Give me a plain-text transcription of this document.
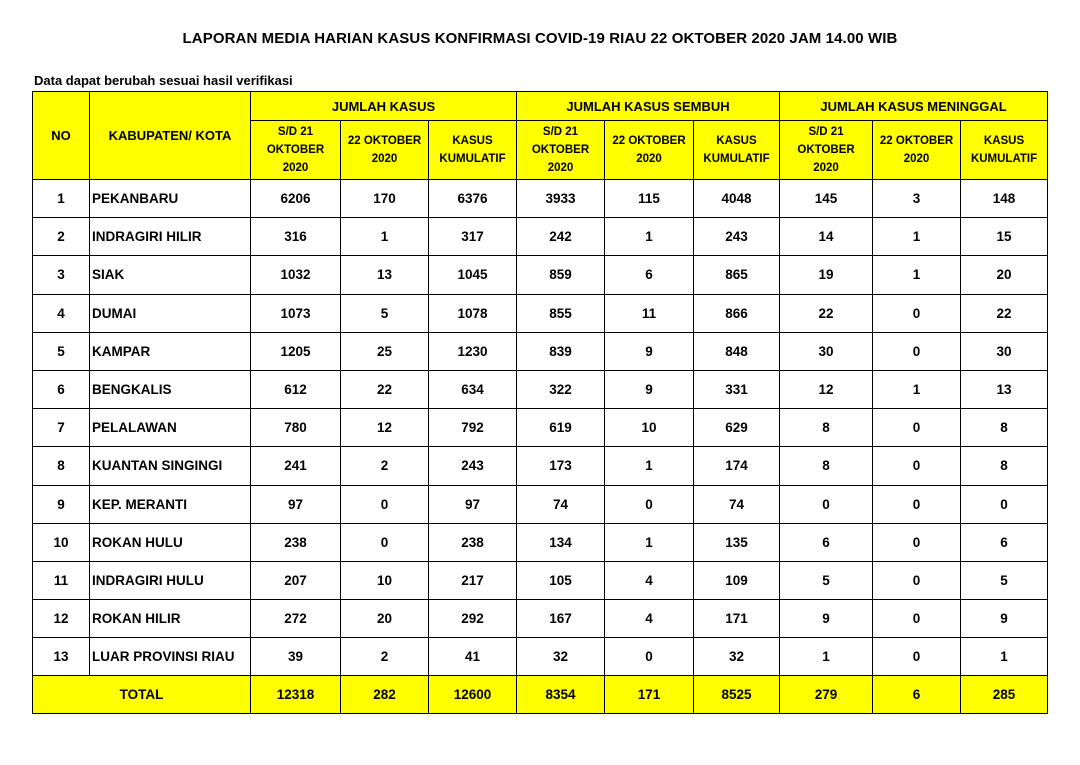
LAPORAN MEDIA HARIAN KASUS KONFIRMASI COVID-19 RIAU 22 OKTOBER 2020 JAM 14.00 WIB
Data dapat berubah sesuai hasil verifikasi
NO	KABUPATEN/ KOTA	JUMLAH KASUS			JUMLAH KASUS SEMBUH			JUMLAH KASUS MENINGGAL		

		S/D 21
OKTOBER
2020	22 OKTOBER
2020	KASUS
KUMULATIF	S/D 21
OKTOBER
2020	22 OKTOBER
2020	KASUS
KUMULATIF	S/D 21
OKTOBER
2020	22 OKTOBER
2020	KASUS
KUMULATIF

1	PEKANBARU	6206	170	6376	3933	115	4048	145	3	148
2	INDRAGIRI HILIR	316	1	317	242	1	243	14	1	15
3	SIAK	1032	13	1045	859	6	865	19	1	20
4	DUMAI	1073	5	1078	855	11	866	22	0	22
5	KAMPAR	1205	25	1230	839	9	848	30	0	30
6	BENGKALIS	612	22	634	322	9	331	12	1	13
7	PELALAWAN	780	12	792	619	10	629	8	0	8
8	KUANTAN SINGINGI	241	2	243	173	1	174	8	0	8
9	KEP. MERANTI	97	0	97	74	0	74	0	0	0
10	ROKAN HULU	238	0	238	134	1	135	6	0	6
11	INDRAGIRI HULU	207	10	217	105	4	109	5	0	5
12	ROKAN HILIR	272	20	292	167	4	171	9	0	9
13	LUAR PROVINSI RIAU	39	2	41	32	0	32	1	0	1
TOTAL		12318	282	12600	8354	171	8525	279	6	285
